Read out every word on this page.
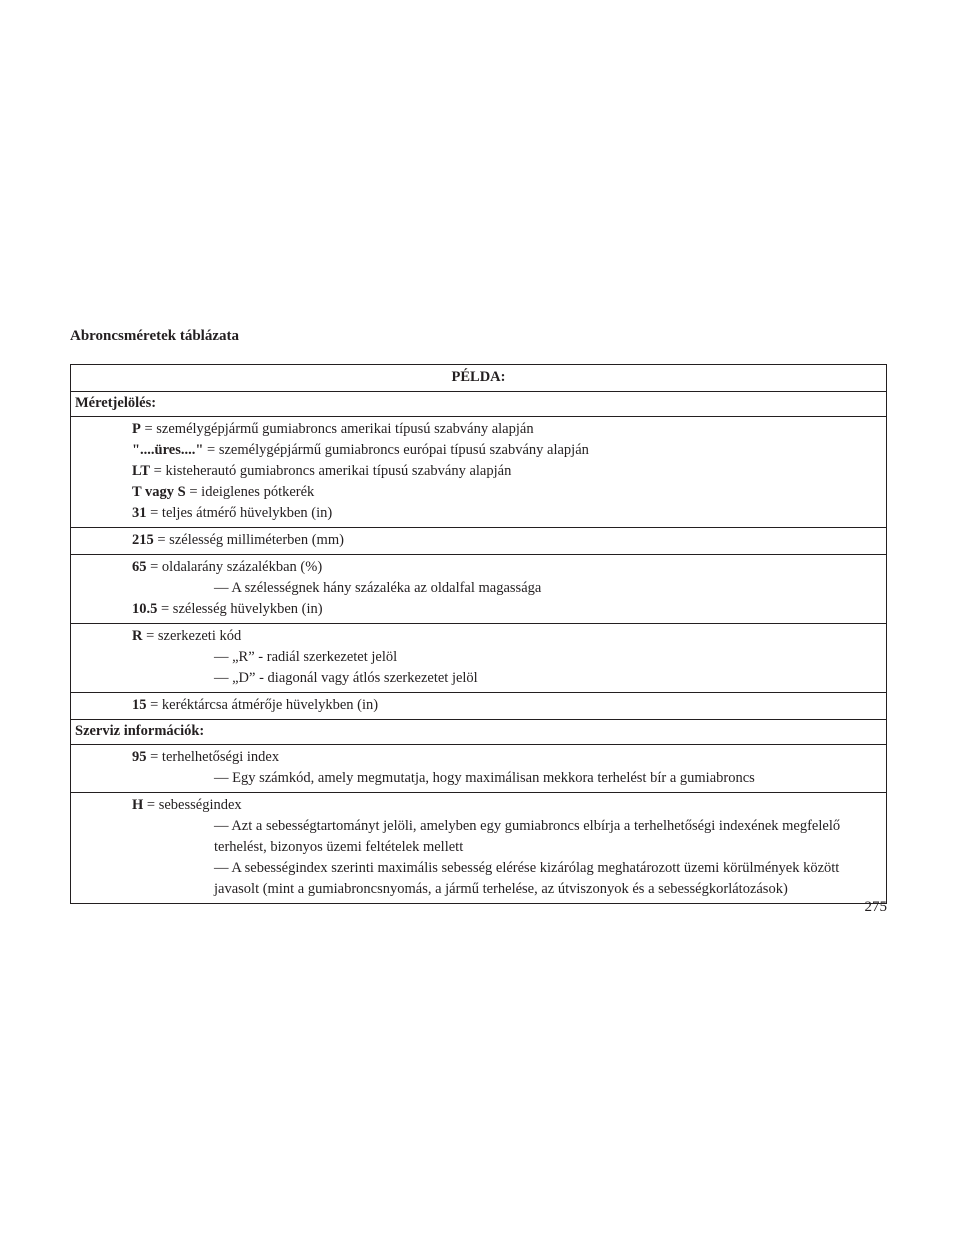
Abroncsméretek táblázata
PÉLDA:
Méretjelölés:

P = személygépjármű gumiabroncs amerikai típusú szabvány alapján
"....üres...." = személygépjármű gumiabroncs európai típusú szabvány alapján
LT = kisteherautó gumiabroncs amerikai típusú szabvány alapján
T vagy S = ideiglenes pótkerék
31 = teljes átmérő hüvelykben (in)

215 = szélesség milliméterben (mm)

65 = oldalarány százalékban (%)
— A szélességnek hány százaléka az oldalfal magassága
10.5 = szélesség hüvelykben (in)

R = szerkezeti kód
— „R” - radiál szerkezetet jelöl
— „D” - diagonál vagy átlós szerkezetet jelöl

15 = keréktárcsa átmérője hüvelykben (in)

Szerviz információk:

95 = terhelhetőségi index
— Egy számkód, amely megmutatja, hogy maximálisan mekkora terhelést bír a gumiabroncs

H = sebességindex
— Azt a sebességtartományt jelöli, amelyben egy gumiabroncs elbírja a terhelhetőségi indexének megfelelő terhelést, bizonyos üzemi feltételek mellett
— A sebességindex szerinti maximális sebesség elérése kizárólag meghatározott üzemi körülmények között javasolt (mint a gumiabroncsnyomás, a jármű terhelése, az útviszonyok és a sebességkorlátozások)

275
